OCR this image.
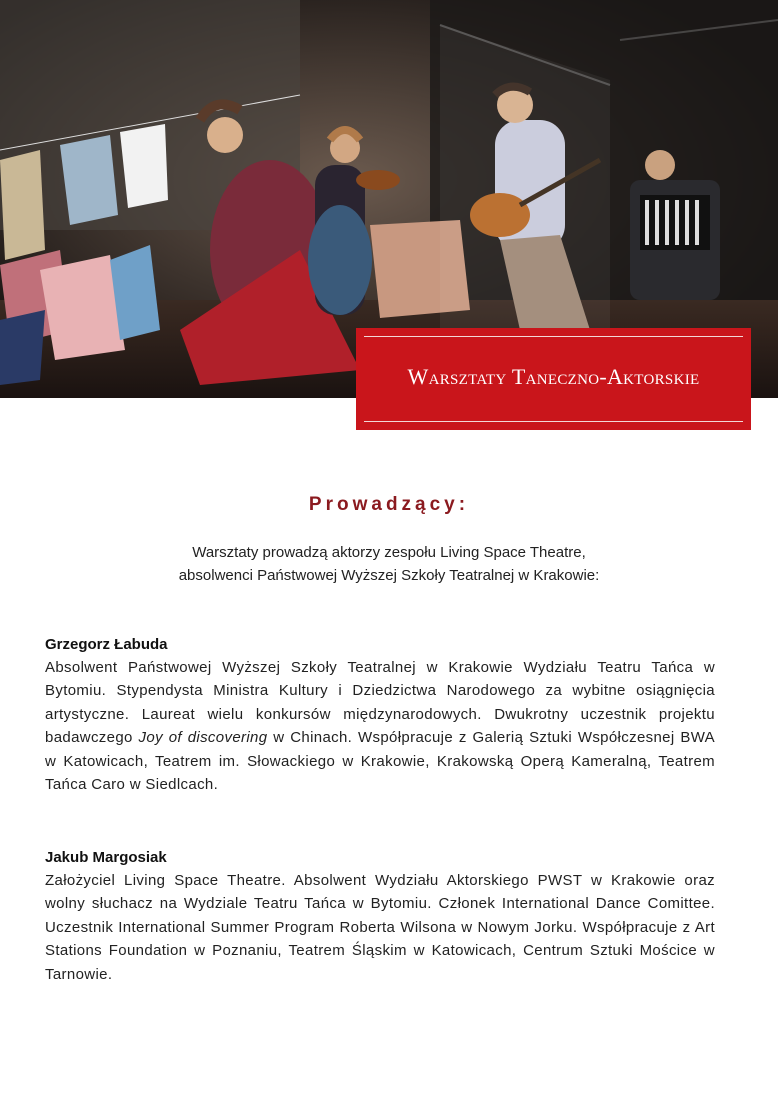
Warsztaty Taneczno-Aktorskie
Prowadzący:
Warsztaty prowadzą aktorzy zespołu Living Space Theatre,
absolwenci Państwowej Wyższej Szkoły Teatralnej w Krakowie:
Grzegorz Łabuda
Absolwent Państwowej Wyższej Szkoły Teatralnej w Krakowie Wydziału Teatru Tańca w Bytomiu. Stypendysta Ministra Kultury i Dziedzictwa Narodowego za wybitne osiągnięcia artystyczne. Laureat wielu konkursów międzynarodowych. Dwukrotny uczestnik projektu badawczego Joy of discovering w Chinach. Współpracuje z Galerią Sztuki Współczesnej BWA w Katowicach, Teatrem im. Słowackiego w Krakowie, Krakowską Operą Kameralną, Teatrem Tańca Caro w Siedlcach.
Jakub Margosiak
Założyciel Living Space Theatre. Absolwent Wydziału Aktorskiego PWST w Krakowie oraz wolny słuchacz na Wydziale Teatru Tańca w Bytomiu. Członek International Dance Comittee. Uczestnik International Summer Program Roberta Wilsona w Nowym Jorku. Współpracuje z Art Stations Foundation w Poznaniu, Teatrem Śląskim w Katowicach, Centrum Sztuki Mościce w Tarnowie.
